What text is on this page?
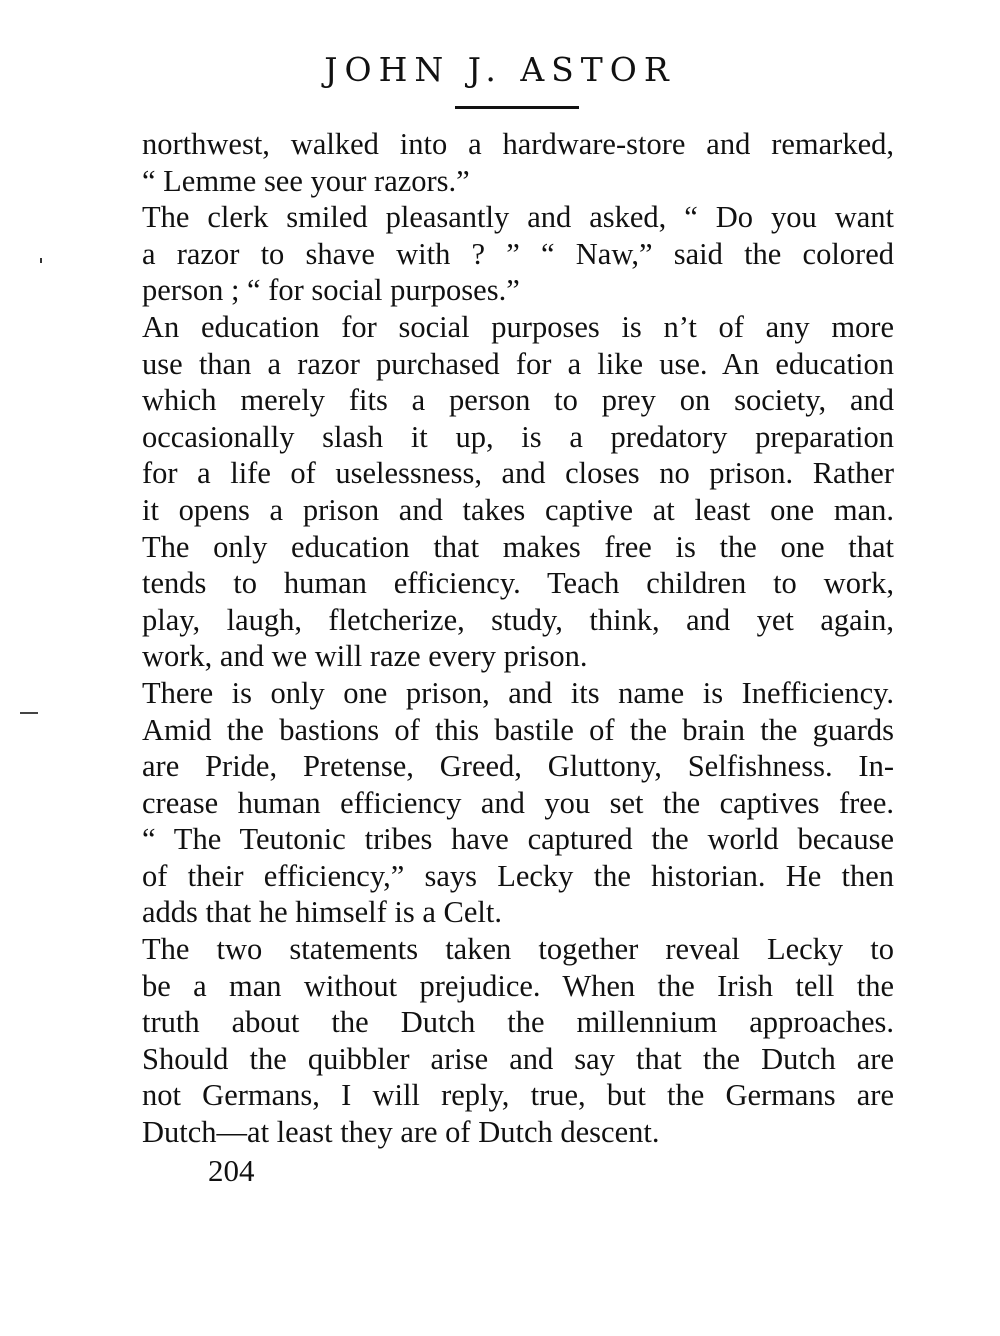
JOHN J. ASTOR
northwest, walked into a hardware-store and remarked,
“ Lemme see your razors.”
The clerk smiled pleasantly and asked, “ Do you want
a razor to shave with ? ” “ Naw,” said the colored
person ; “ for social purposes.”
An education for social purposes is n’t of any more
use than a razor purchased for a like use. An education
which merely fits a person to prey on society, and
occasionally slash it up, is a predatory preparation
for a life of uselessness, and closes no prison. Rather
it opens a prison and takes captive at least one man.
The only education that makes free is the one that
tends to human efficiency. Teach children to work,
play, laugh, fletcherize, study, think, and yet again,
work, and we will raze every prison.
There is only one prison, and its name is Inefficiency.
Amid the bastions of this bastile of the brain the guards
are Pride, Pretense, Greed, Gluttony, Selfishness. In-
crease human efficiency and you set the captives free.
“ The Teutonic tribes have captured the world because
of their efficiency,” says Lecky the historian. He then
adds that he himself is a Celt.
The two statements taken together reveal Lecky to
be a man without prejudice. When the Irish tell the
truth about the Dutch the millennium approaches.
Should the quibbler arise and say that the Dutch are
not Germans, I will reply, true, but the Germans are
Dutch—at least they are of Dutch descent.
204
